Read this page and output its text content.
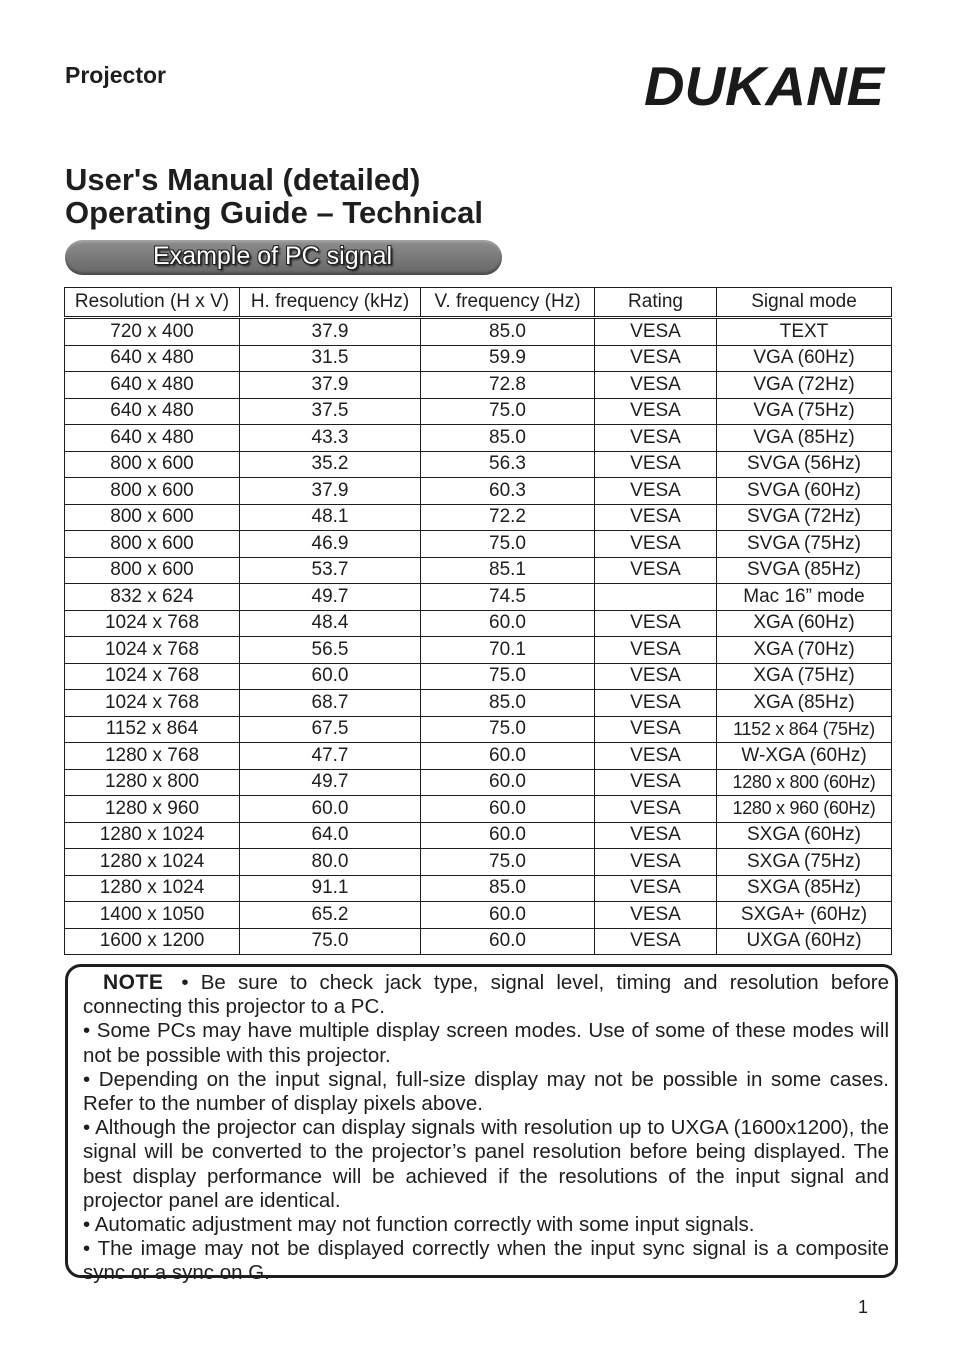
Projector	DUKANE
User's Manual (detailed)
Operating Guide – Technical
Example of PC signal
Resolution (H x V)	H. frequency (kHz)	V. frequency (Hz)	Rating	Signal mode
720 x 400	37.9	85.0	VESA	TEXT
640 x 480	31.5	59.9	VESA	VGA (60Hz)
640 x 480	37.9	72.8	VESA	VGA (72Hz)
640 x 480	37.5	75.0	VESA	VGA (75Hz)
640 x 480	43.3	85.0	VESA	VGA (85Hz)
800 x 600	35.2	56.3	VESA	SVGA (56Hz)
800 x 600	37.9	60.3	VESA	SVGA (60Hz)
800 x 600	48.1	72.2	VESA	SVGA (72Hz)
800 x 600	46.9	75.0	VESA	SVGA (75Hz)
800 x 600	53.7	85.1	VESA	SVGA (85Hz)
832 x 624	49.7	74.5		Mac 16” mode
1024 x 768	48.4	60.0	VESA	XGA (60Hz)
1024 x 768	56.5	70.1	VESA	XGA (70Hz)
1024 x 768	60.0	75.0	VESA	XGA (75Hz)
1024 x 768	68.7	85.0	VESA	XGA (85Hz)
1152 x 864	67.5	75.0	VESA	1152 x 864 (75Hz)
1280 x 768	47.7	60.0	VESA	W-XGA (60Hz)
1280 x 800	49.7	60.0	VESA	1280 x 800 (60Hz)
1280 x 960	60.0	60.0	VESA	1280 x 960 (60Hz)
1280 x 1024	64.0	60.0	VESA	SXGA (60Hz)
1280 x 1024	80.0	75.0	VESA	SXGA (75Hz)
1280 x 1024	91.1	85.0	VESA	SXGA (85Hz)
1400 x 1050	65.2	60.0	VESA	SXGA+ (60Hz)
1600 x 1200	75.0	60.0	VESA	UXGA (60Hz)

NOTE • Be sure to check jack type, signal level, timing and resolution before connecting this projector to a PC.

• Some PCs may have multiple display screen modes. Use of some of these modes will not be possible with this projector.

• Depending on the input signal, full-size display may not be possible in some cases. Refer to the number of display pixels above.

• Although the projector can display signals with resolution up to UXGA (1600x1200), the signal will be converted to the projector’s panel resolution before being displayed. The best display performance will be achieved if the resolutions of the input signal and projector panel are identical.

• Automatic adjustment may not function correctly with some input signals.

• The image may not be displayed correctly when the input sync signal is a composite sync or a sync on G.

1
